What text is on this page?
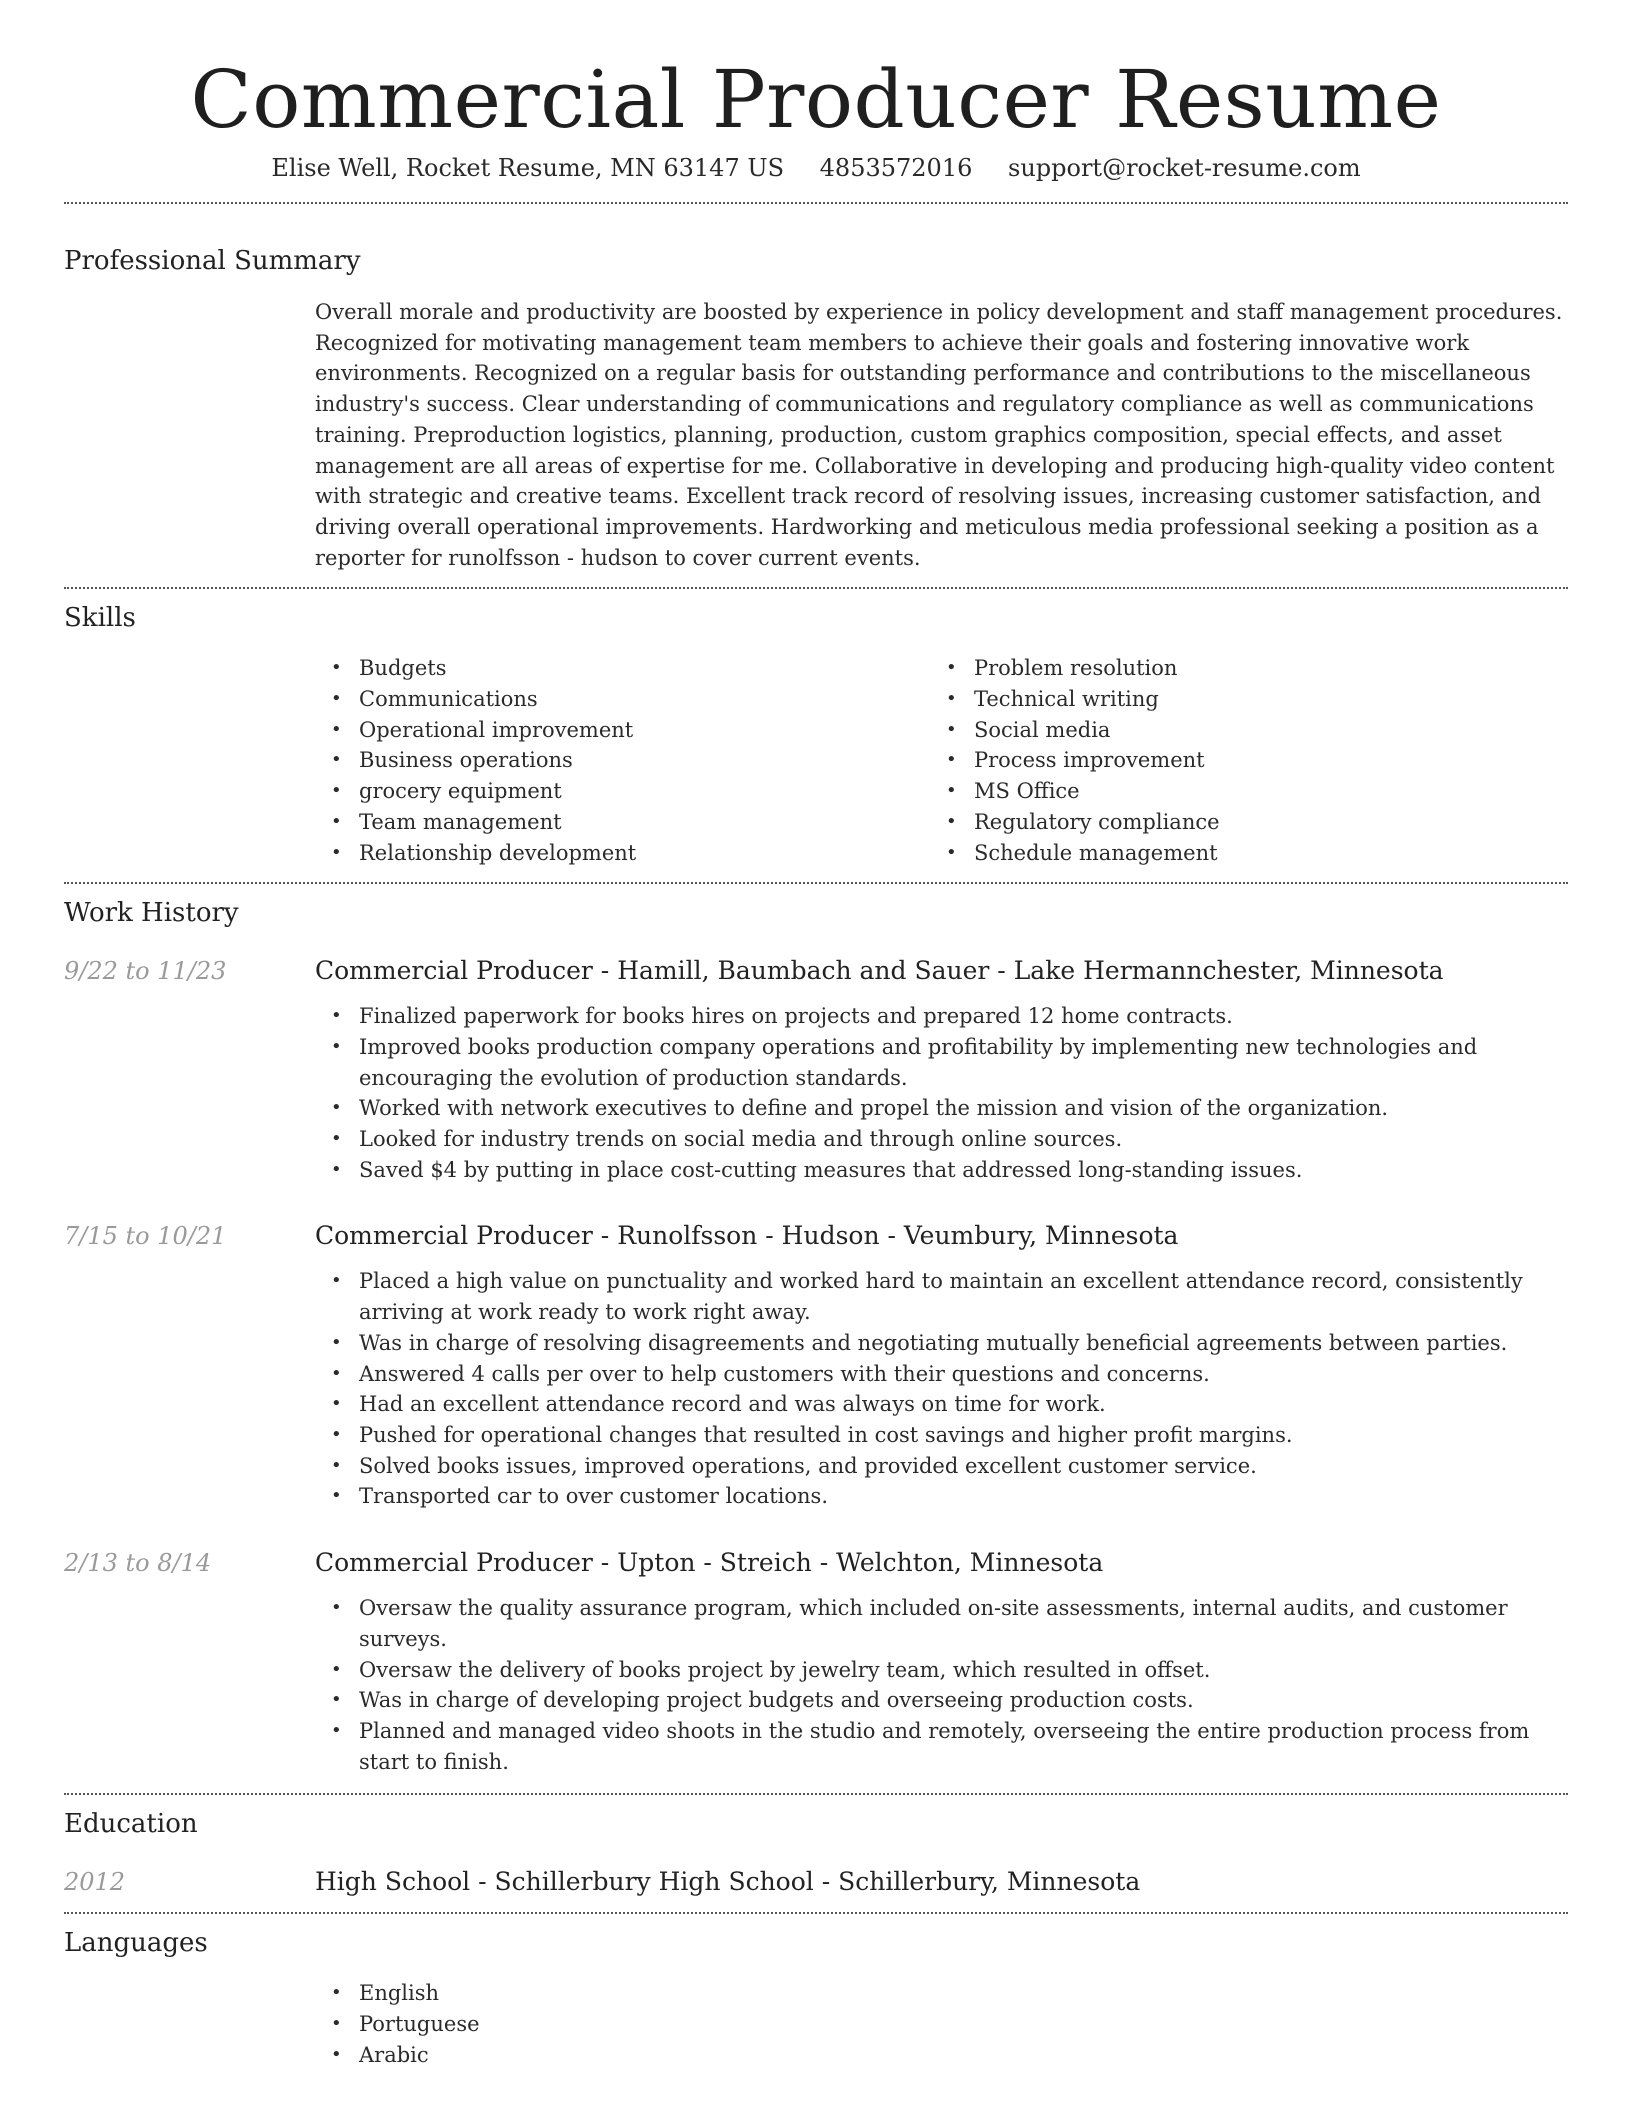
Commercial Producer Resume
Elise Well, Rocket Resume, MN 63147 US 4853572016 support@rocket-resume.com
Professional Summary

Overall morale and productivity are boosted by experience in policy development and staff management procedures. Recognized for motivating management team members to achieve their goals and fostering innovative work environments. Recognized on a regular basis for outstanding performance and contributions to the miscellaneous industry's success. Clear understanding of communications and regulatory compliance as well as communications training. Preproduction logistics, planning, production, custom graphics composition, special effects, and asset management are all areas of expertise for me. Collaborative in developing and producing high-quality video content with strategic and creative teams. Excellent track record of resolving issues, increasing customer satisfaction, and driving overall operational improvements. Hardworking and meticulous media professional seeking a position as a reporter for runolfsson - hudson to cover current events.

Skills
• Budgets
• Communications
• Operational improvement
• Business operations
• grocery equipment
• Team management
• Relationship development
• Problem resolution
• Technical writing
• Social media
• Process improvement
• MS Office
• Regulatory compliance
• Schedule management
Work History
9/22 to 11/23	Commercial Producer - Hamill, Baumbach and Sauer - Lake Hermannchester, Minnesota
• Finalized paperwork for books hires on projects and prepared 12 home contracts.
• Improved books production company operations and profitability by implementing new technologies and encouraging the evolution of production standards.
• Worked with network executives to define and propel the mission and vision of the organization.
• Looked for industry trends on social media and through online sources.
• Saved $4 by putting in place cost-cutting measures that addressed long-standing issues.
7/15 to 10/21	Commercial Producer - Runolfsson - Hudson - Veumbury, Minnesota
• Placed a high value on punctuality and worked hard to maintain an excellent attendance record, consistently arriving at work ready to work right away.
• Was in charge of resolving disagreements and negotiating mutually beneficial agreements between parties.
• Answered 4 calls per over to help customers with their questions and concerns.
• Had an excellent attendance record and was always on time for work.
• Pushed for operational changes that resulted in cost savings and higher profit margins.
• Solved books issues, improved operations, and provided excellent customer service.
• Transported car to over customer locations.
2/13 to 8/14	Commercial Producer - Upton - Streich - Welchton, Minnesota
• Oversaw the quality assurance program, which included on-site assessments, internal audits, and customer surveys.
• Oversaw the delivery of books project by jewelry team, which resulted in offset.
• Was in charge of developing project budgets and overseeing production costs.
• Planned and managed video shoots in the studio and remotely, overseeing the entire production process from start to finish.
Education
2012	High School - Schillerbury High School - Schillerbury, Minnesota
Languages
• English
• Portuguese
• Arabic
